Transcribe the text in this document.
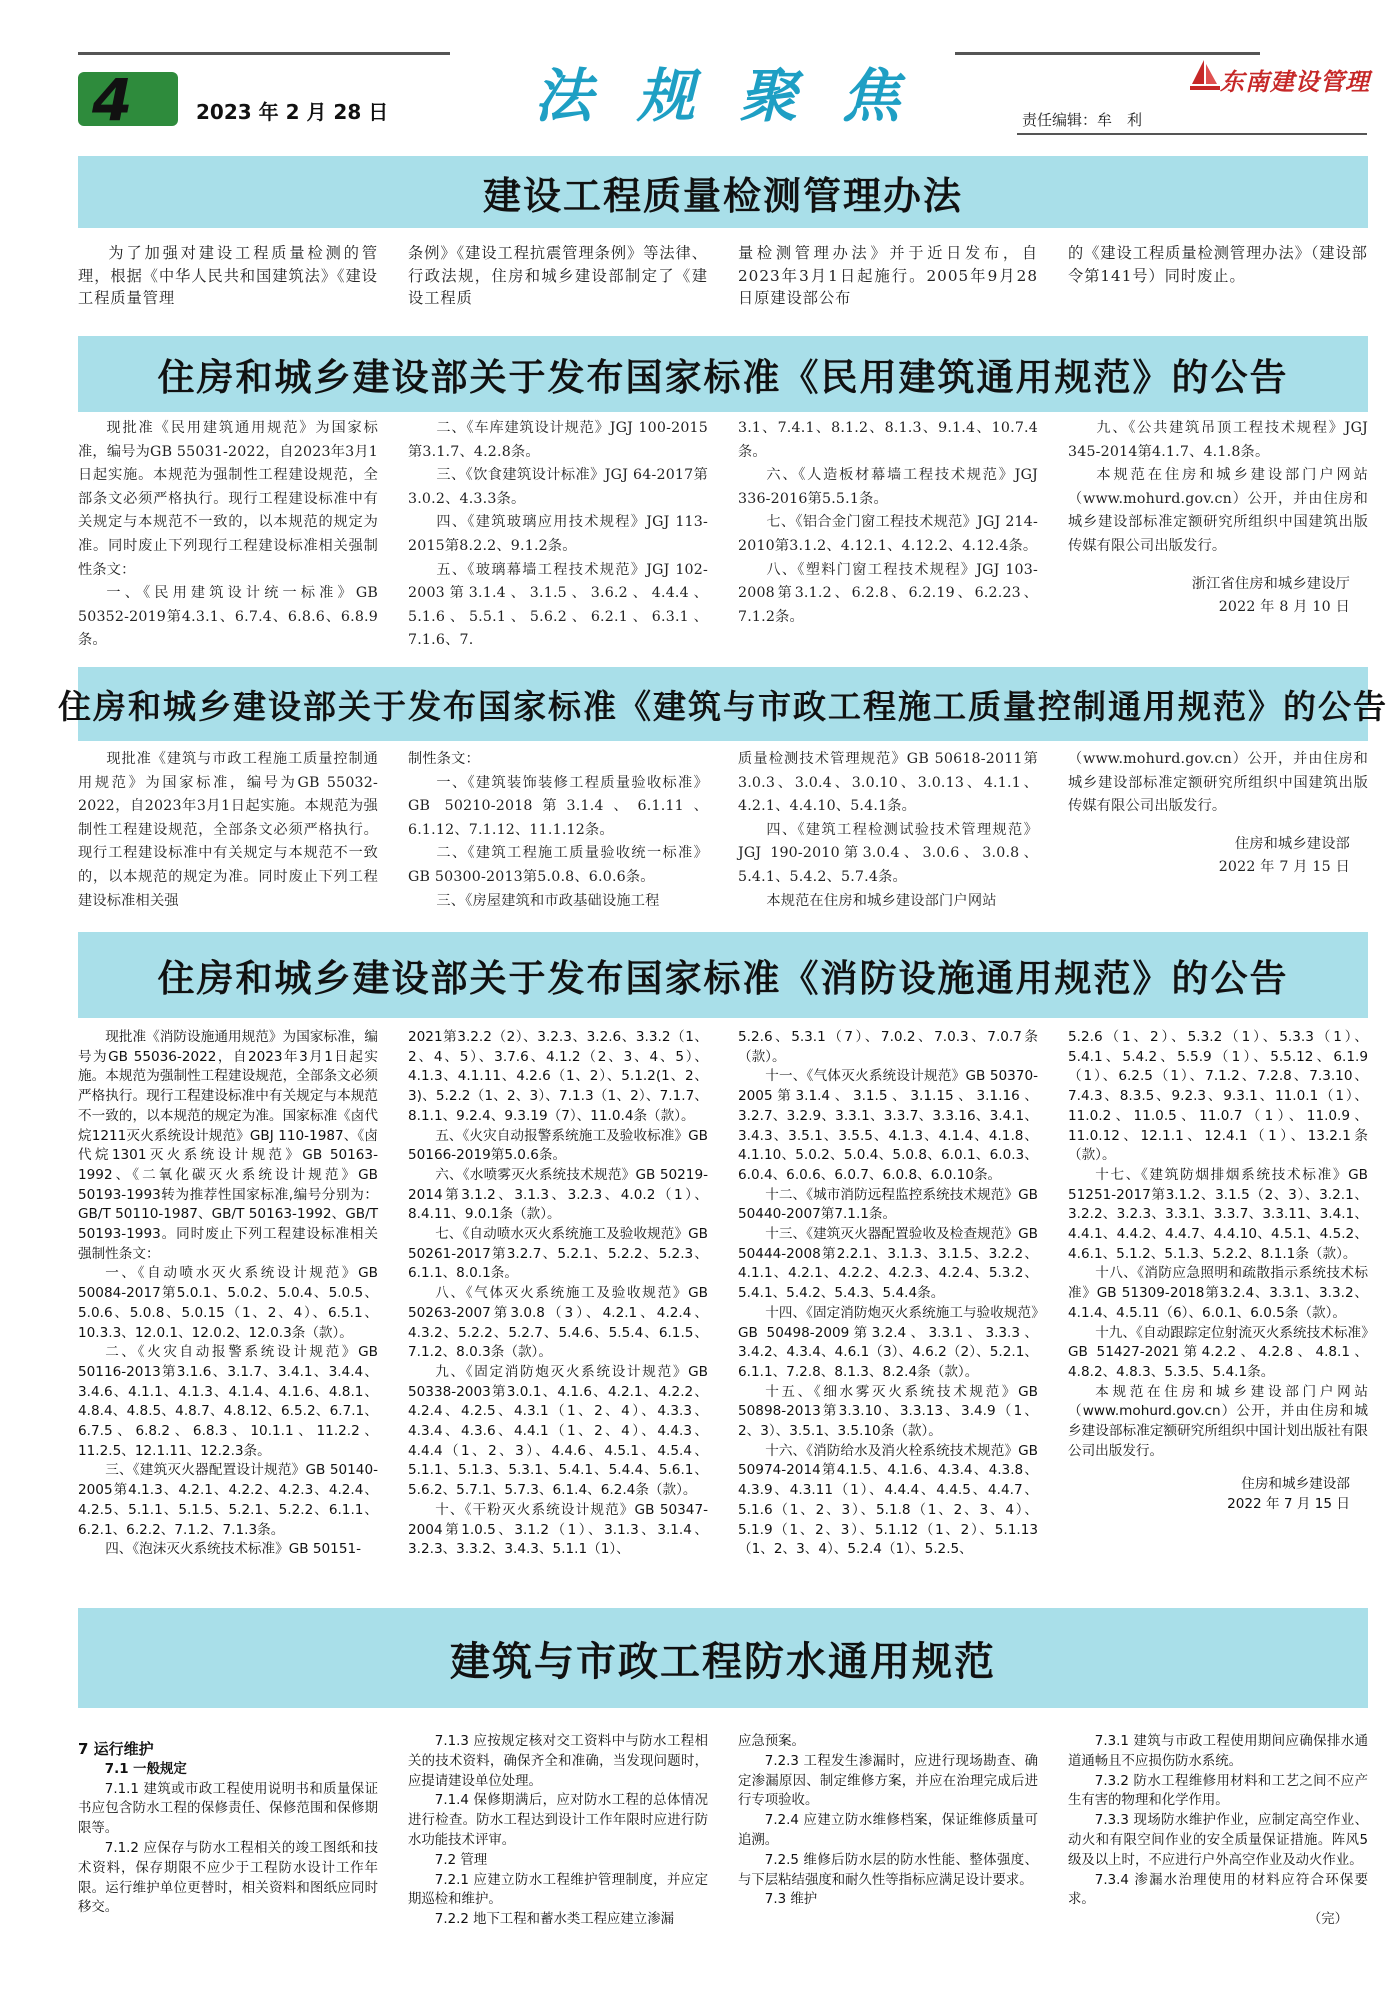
4	2023 年 2 月 28 日	法 规 聚 焦	东南建设管理
责任编辑：牟　利
建设工程质量检测管理办法

为了加强对建设工程质量检测的管理，根据《中华人民共和国建筑法》《建设工程质量管理

条例》《建设工程抗震管理条例》等法律、行政法规，住房和城乡建设部制定了《建设工程质

量检测管理办法》并于近日发布，自2023年3月1日起施行。2005年9月28日原建设部公布

的《建设工程质量检测管理办法》（建设部令第141号）同时废止。

住房和城乡建设部关于发布国家标准《民用建筑通用规范》的公告

现批准《民用建筑通用规范》为国家标准，编号为GB 55031-2022，自2023年3月1日起实施。本规范为强制性工程建设规范，全部条文必须严格执行。现行工程建设标准中有关规定与本规范不一致的，以本规范的规定为准。同时废止下列现行工程建设标准相关强制性条文：

一、《民用建筑设计统一标准》GB 50352-2019第4.3.1、6.7.4、6.8.6、6.8.9条。

二、《车库建筑设计规范》JGJ 100-2015第3.1.7、4.2.8条。

三、《饮食建筑设计标准》JGJ 64-2017第3.0.2、4.3.3条。

四、《建筑玻璃应用技术规程》JGJ 113-2015第8.2.2、9.1.2条。

五、《玻璃幕墙工程技术规范》JGJ 102-2003第3.1.4、3.1.5、3.6.2、4.4.4、5.1.6、5.5.1、5.6.2、6.2.1、6.3.1、7.1.6、7.

3.1、7.4.1、8.1.2、8.1.3、9.1.4、10.7.4条。

六、《人造板材幕墙工程技术规范》JGJ 336-2016第5.5.1条。

七、《铝合金门窗工程技术规范》JGJ 214-2010第3.1.2、4.12.1、4.12.2、4.12.4条。

八、《塑料门窗工程技术规程》JGJ 103-2008第3.1.2、6.2.8、6.2.19、6.2.23、7.1.2条。

九、《公共建筑吊顶工程技术规程》JGJ 345-2014第4.1.7、4.1.8条。

本规范在住房和城乡建设部门户网站（www.mohurd.gov.cn）公开，并由住房和城乡建设部标准定额研究所组织中国建筑出版传媒有限公司出版发行。

浙江省住房和城乡建设厅

2022 年 8 月 10 日

住房和城乡建设部关于发布国家标准《建筑与市政工程施工质量控制通用规范》的公告

现批准《建筑与市政工程施工质量控制通用规范》为国家标准，编号为GB 55032-2022，自2023年3月1日起实施。本规范为强制性工程建设规范，全部条文必须严格执行。现行工程建设标准中有关规定与本规范不一致的，以本规范的规定为准。同时废止下列工程建设标准相关强

制性条文：

一、《建筑装饰装修工程质量验收标准》GB 50210-2018第3.1.4、6.1.11、6.1.12、7.1.12、11.1.12条。

二、《建筑工程施工质量验收统一标准》GB 50300-2013第5.0.8、6.0.6条。

三、《房屋建筑和市政基础设施工程

质量检测技术管理规范》GB 50618-2011第3.0.3、3.0.4、3.0.10、3.0.13、4.1.1、4.2.1、4.4.10、5.4.1条。

四、《建筑工程检测试验技术管理规范》JGJ 190-2010第3.0.4、3.0.6、3.0.8、5.4.1、5.4.2、5.7.4条。

本规范在住房和城乡建设部门户网站

（www.mohurd.gov.cn）公开，并由住房和城乡建设部标准定额研究所组织中国建筑出版传媒有限公司出版发行。

住房和城乡建设部

2022 年 7 月 15 日

住房和城乡建设部关于发布国家标准《消防设施通用规范》的公告

现批准《消防设施通用规范》为国家标准，编号为GB 55036-2022，自2023年3月1日起实施。本规范为强制性工程建设规范，全部条文必须严格执行。现行工程建设标准中有关规定与本规范不一致的，以本规范的规定为准。国家标准《卤代烷1211灭火系统设计规范》GBJ 110-1987、《卤代烷1301灭火系统设计规范》GB 50163-1992、《二氧化碳灭火系统设计规范》GB 50193-1993转为推荐性国家标准,编号分别为：GB/T 50110-1987、GB/T 50163-1992、GB/T 50193-1993。同时废止下列工程建设标准相关强制性条文：

一、《自动喷水灭火系统设计规范》GB 50084-2017第5.0.1、5.0.2、5.0.4、5.0.5、5.0.6、5.0.8、5.0.15（1、2、4）、6.5.1、10.3.3、12.0.1、12.0.2、12.0.3条（款）。

二、《火灾自动报警系统设计规范》GB 50116-2013第3.1.6、3.1.7、3.4.1、3.4.4、3.4.6、4.1.1、4.1.3、4.1.4、4.1.6、4.8.1、4.8.4、4.8.5、4.8.7、4.8.12、6.5.2、6.7.1、6.7.5、6.8.2、6.8.3、10.1.1、11.2.2、11.2.5、12.1.11、12.2.3条。

三、《建筑灭火器配置设计规范》GB 50140-2005第4.1.3、4.2.1、4.2.2、4.2.3、4.2.4、4.2.5、5.1.1、5.1.5、5.2.1、5.2.2、6.1.1、6.2.1、6.2.2、7.1.2、7.1.3条。

四、《泡沫灭火系统技术标准》GB 50151-

2021第3.2.2（2）、3.2.3、3.2.6、3.3.2（1、2、4、5）、3.7.6、4.1.2（2、3、4、5）、4.1.3、4.1.11、4.2.6（1、2）、5.1.2(1、2、3)、5.2.2（1、2、3）、7.1.3（1、2）、7.1.7、8.1.1、9.2.4、9.3.19（7）、11.0.4条（款）。

五、《火灾自动报警系统施工及验收标准》GB 50166-2019第5.0.6条。

六、《水喷雾灭火系统技术规范》GB 50219-2014第3.1.2、3.1.3、3.2.3、4.0.2（1）、8.4.11、9.0.1条（款）。

七、《自动喷水灭火系统施工及验收规范》GB 50261-2017第3.2.7、5.2.1、5.2.2、5.2.3、6.1.1、8.0.1条。

八、《气体灭火系统施工及验收规范》GB 50263-2007第3.0.8（3）、4.2.1、4.2.4、4.3.2、5.2.2、5.2.7、5.4.6、5.5.4、6.1.5、7.1.2、8.0.3条（款）。

九、《固定消防炮灭火系统设计规范》GB 50338-2003第3.0.1、4.1.6、4.2.1、4.2.2、4.2.4、4.2.5、4.3.1（1、2、4）、4.3.3、4.3.4、4.3.6、4.4.1（1、2、4）、4.4.3、4.4.4（1、2、3）、4.4.6、4.5.1、4.5.4、5.1.1、5.1.3、5.3.1、5.4.1、5.4.4、5.6.1、5.6.2、5.7.1、5.7.3、6.1.4、6.2.4条（款）。

十、《干粉灭火系统设计规范》GB 50347-2004第1.0.5、3.1.2（1）、3.1.3、3.1.4、3.2.3、3.3.2、3.4.3、5.1.1（1）、

5.2.6、5.3.1（7）、7.0.2、7.0.3、7.0.7条（款）。

十一、《气体灭火系统设计规范》GB 50370-2005第3.1.4、3.1.5、3.1.15、3.1.16、3.2.7、3.2.9、3.3.1、3.3.7、3.3.16、3.4.1、3.4.3、3.5.1、3.5.5、4.1.3、4.1.4、4.1.8、4.1.10、5.0.2、5.0.4、5.0.8、6.0.1、6.0.3、6.0.4、6.0.6、6.0.7、6.0.8、6.0.10条。

十二、《城市消防远程监控系统技术规范》GB 50440-2007第7.1.1条。

十三、《建筑灭火器配置验收及检查规范》GB 50444-2008第2.2.1、3.1.3、3.1.5、3.2.2、4.1.1、4.2.1、4.2.2、4.2.3、4.2.4、5.3.2、5.4.1、5.4.2、5.4.3、5.4.4条。

十四、《固定消防炮灭火系统施工与验收规范》GB 50498-2009第3.2.4、3.3.1、3.3.3、3.4.2、4.3.4、4.6.1（3）、4.6.2（2）、5.2.1、6.1.1、7.2.8、8.1.3、8.2.4条（款）。

十五、《细水雾灭火系统技术规范》GB 50898-2013第3.3.10、3.3.13、3.4.9（1、2、3）、3.5.1、3.5.10条（款）。

十六、《消防给水及消火栓系统技术规范》GB 50974-2014第4.1.5、4.1.6、4.3.4、4.3.8、4.3.9、4.3.11（1）、4.4.4、4.4.5、4.4.7、5.1.6（1、2、3）、5.1.8（1、2、3、4）、5.1.9（1、2、3）、5.1.12（1、2）、5.1.13（1、2、3、4）、5.2.4（1）、5.2.5、

5.2.6（1、2）、5.3.2（1）、5.3.3（1）、5.4.1、5.4.2、5.5.9（1）、5.5.12、6.1.9（1）、6.2.5（1）、7.1.2、7.2.8、7.3.10、7.4.3、8.3.5、9.2.3、9.3.1、11.0.1（1）、11.0.2、11.0.5、11.0.7（1）、11.0.9、11.0.12、12.1.1、12.4.1（1）、13.2.1条（款）。

十七、《建筑防烟排烟系统技术标准》GB 51251-2017第3.1.2、3.1.5（2、3）、3.2.1、3.2.2、3.2.3、3.3.1、3.3.7、3.3.11、3.4.1、4.4.1、4.4.2、4.4.7、4.4.10、4.5.1、4.5.2、4.6.1、5.1.2、5.1.3、5.2.2、8.1.1条（款）。

十八、《消防应急照明和疏散指示系统技术标准》GB 51309-2018第3.2.4、3.3.1、3.3.2、4.1.4、4.5.11（6）、6.0.1、6.0.5条（款）。

十九、《自动跟踪定位射流灭火系统技术标准》GB 51427-2021第4.2.2、4.2.8、4.8.1、4.8.2、4.8.3、5.3.5、5.4.1条。

本规范在住房和城乡建设部门户网站（www.mohurd.gov.cn）公开，并由住房和城乡建设部标准定额研究所组织中国计划出版社有限公司出版发行。

住房和城乡建设部

2022 年 7 月 15 日

建筑与市政工程防水通用规范

7 运行维护

7.1 一般规定

7.1.1 建筑或市政工程使用说明书和质量保证书应包含防水工程的保修责任、保修范围和保修期限等。

7.1.2 应保存与防水工程相关的竣工图纸和技术资料，保存期限不应少于工程防水设计工作年限。运行维护单位更替时，相关资料和图纸应同时移交。

7.1.3 应按规定核对交工资料中与防水工程相关的技术资料，确保齐全和准确，当发现问题时，应提请建设单位处理。

7.1.4 保修期满后，应对防水工程的总体情况进行检查。防水工程达到设计工作年限时应进行防水功能技术评审。

7.2 管理

7.2.1 应建立防水工程维护管理制度，并应定期巡检和维护。

7.2.2 地下工程和蓄水类工程应建立渗漏

应急预案。

7.2.3 工程发生渗漏时，应进行现场勘查、确定渗漏原因、制定维修方案，并应在治理完成后进行专项验收。

7.2.4 应建立防水维修档案，保证维修质量可追溯。

7.2.5 维修后防水层的防水性能、整体强度、与下层粘结强度和耐久性等指标应满足设计要求。

7.3 维护

7.3.1 建筑与市政工程使用期间应确保排水通道通畅且不应损伤防水系统。

7.3.2 防水工程维修用材料和工艺之间不应产生有害的物理和化学作用。

7.3.3 现场防水维护作业，应制定高空作业、动火和有限空间作业的安全质量保证措施。阵风5级及以上时，不应进行户外高空作业及动火作业。

7.3.4 渗漏水治理使用的材料应符合环保要求。

（完）
